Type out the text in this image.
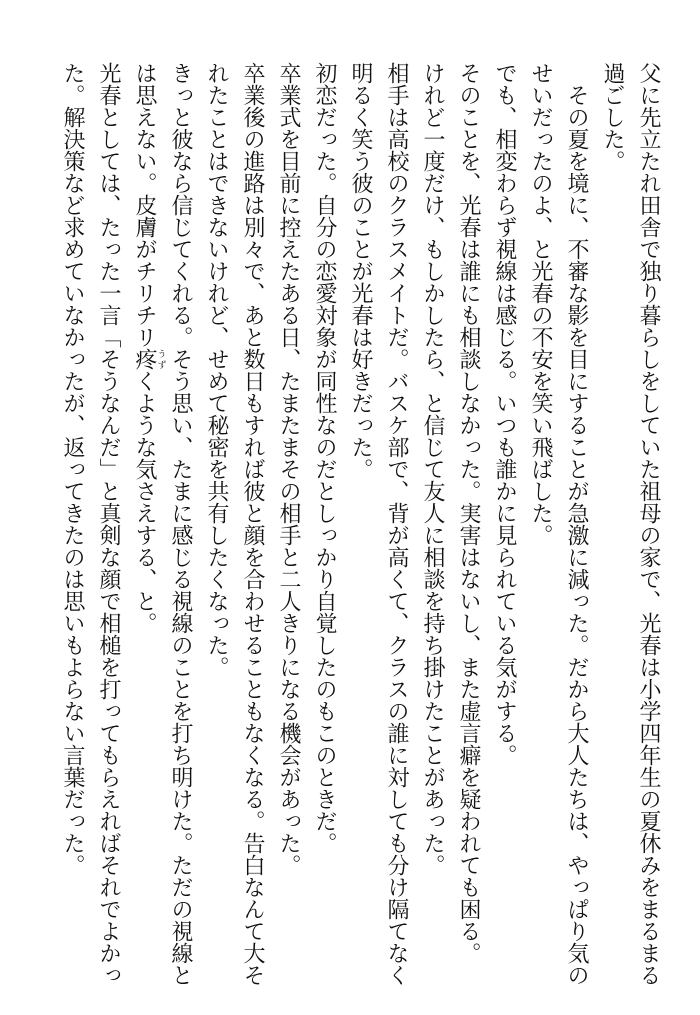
父に先立たれ田舎で独り暮らしをしていた祖母の家で、光春は小学四年生の夏休みをまるまる過ごした。

その夏を境に、不審な影を目にすることが急激に減った。だから大人たちは、やっぱり気のせいだったのよ、と光春の不安を笑い飛ばした。

でも、相変わらず視線は感じる。いつも誰かに見られている気がする。

そのことを、光春は誰にも相談しなかった。実害はないし、また虚言癖を疑われても困る。

けれど一度だけ、もしかしたら、と信じて友人に相談を持ち掛けたことがあった。

相手は高校のクラスメイトだ。バスケ部で、背が高くて、クラスの誰に対しても分け隔てなく明るく笑う彼のことが光春は好きだった。

初恋だった。自分の恋愛対象が同性なのだとしっかり自覚したのもこのときだ。

卒業式を目前に控えたある日、たまたまその相手と二人きりになる機会があった。

卒業後の進路は別々で、あと数日もすれば彼と顔を合わせることもなくなる。告白なんて大それたことはできないけれど、せめて秘密を共有したくなった。

きっと彼なら信じてくれる。そう思い、たまに感じる視線のことを打ち明けた。ただの視線とは思えない。皮膚がチリチリ疼うずくような気さえする、と。

光春としては、たった一言「そうなんだ」と真剣な顔で相槌を打ってもらえればそれでよかった。解決策など求めていなかったが、返ってきたのは思いもよらない言葉だった。
